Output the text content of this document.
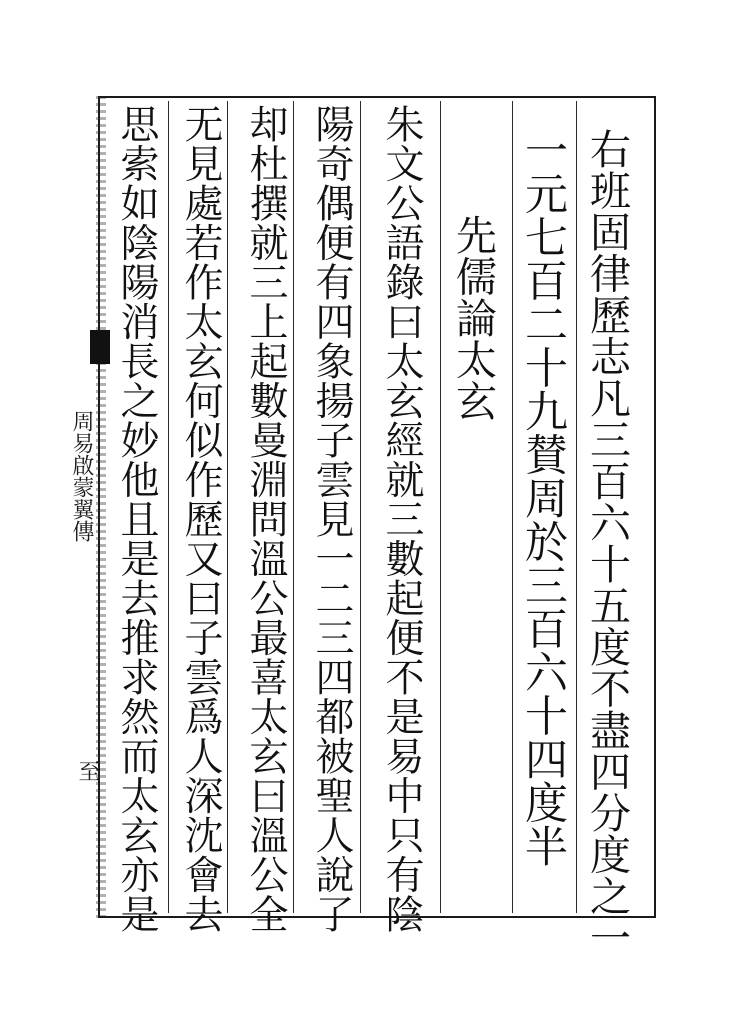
周易啟蒙翼傳
至	右班固律歷志凡三百六十五度不盡四分度之一
一元七百二十九賛周於三百六十四度半
先儒論太玄
朱文公語錄曰太玄經就三數起便不是易中只有陰
陽奇偶便有四象揚子雲見一二三四都被聖人說了
却杜撰就三上起數曼淵問溫公最喜太玄曰溫公全
无見處若作太玄何似作歷又曰子雲爲人深沈會去
思索如陰陽消長之妙他且是去推求然而太玄亦是
